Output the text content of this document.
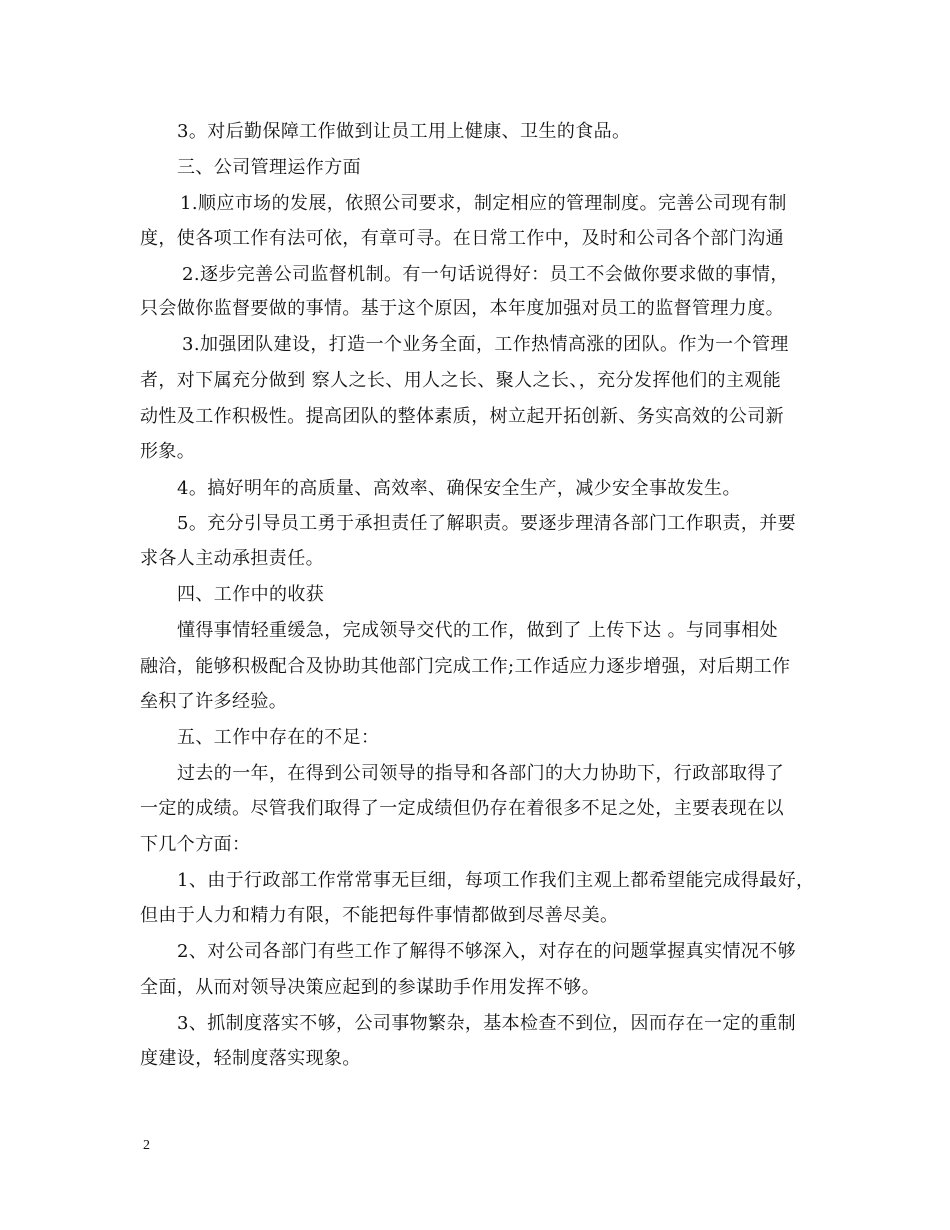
3。对后勤保障工作做到让员工用上健康、卫生的食品。
三、公司管理运作方面
1.顺应市场的发展，依照公司要求，制定相应的管理制度。完善公司现有制
度，使各项工作有法可依，有章可寻。在日常工作中，及时和公司各个部门沟通
2.逐步完善公司监督机制。有一句话说得好：员工不会做你要求做的事情，
只会做你监督要做的事情。基于这个原因，本年度加强对员工的监督管理力度。
3.加强团队建设，打造一个业务全面，工作热情高涨的团队。作为一个管理
者，对下属充分做到 察人之长、用人之长、聚人之长、，充分发挥他们的主观能
动性及工作积极性。提高团队的整体素质，树立起开拓创新、务实高效的公司新
形象。
4。搞好明年的高质量、高效率、确保安全生产，减少安全事故发生。
5。充分引导员工勇于承担责任了解职责。要逐步理清各部门工作职责，并要
求各人主动承担责任。
四、工作中的收获
懂得事情轻重缓急，完成领导交代的工作，做到了 上传下达 。与同事相处
融洽，能够积极配合及协助其他部门完成工作;工作适应力逐步增强，对后期工作
垒积了许多经验。
五、工作中存在的不足：
过去的一年，在得到公司领导的指导和各部门的大力协助下，行政部取得了
一定的成绩。尽管我们取得了一定成绩但仍存在着很多不足之处，主要表现在以
下几个方面：
1、由于行政部工作常常事无巨细，每项工作我们主观上都希望能完成得最好，
但由于人力和精力有限，不能把每件事情都做到尽善尽美。
2、对公司各部门有些工作了解得不够深入，对存在的问题掌握真实情况不够
全面，从而对领导决策应起到的参谋助手作用发挥不够。
3、抓制度落实不够，公司事物繁杂，基本检查不到位，因而存在一定的重制
度建设，轻制度落实现象。
2
